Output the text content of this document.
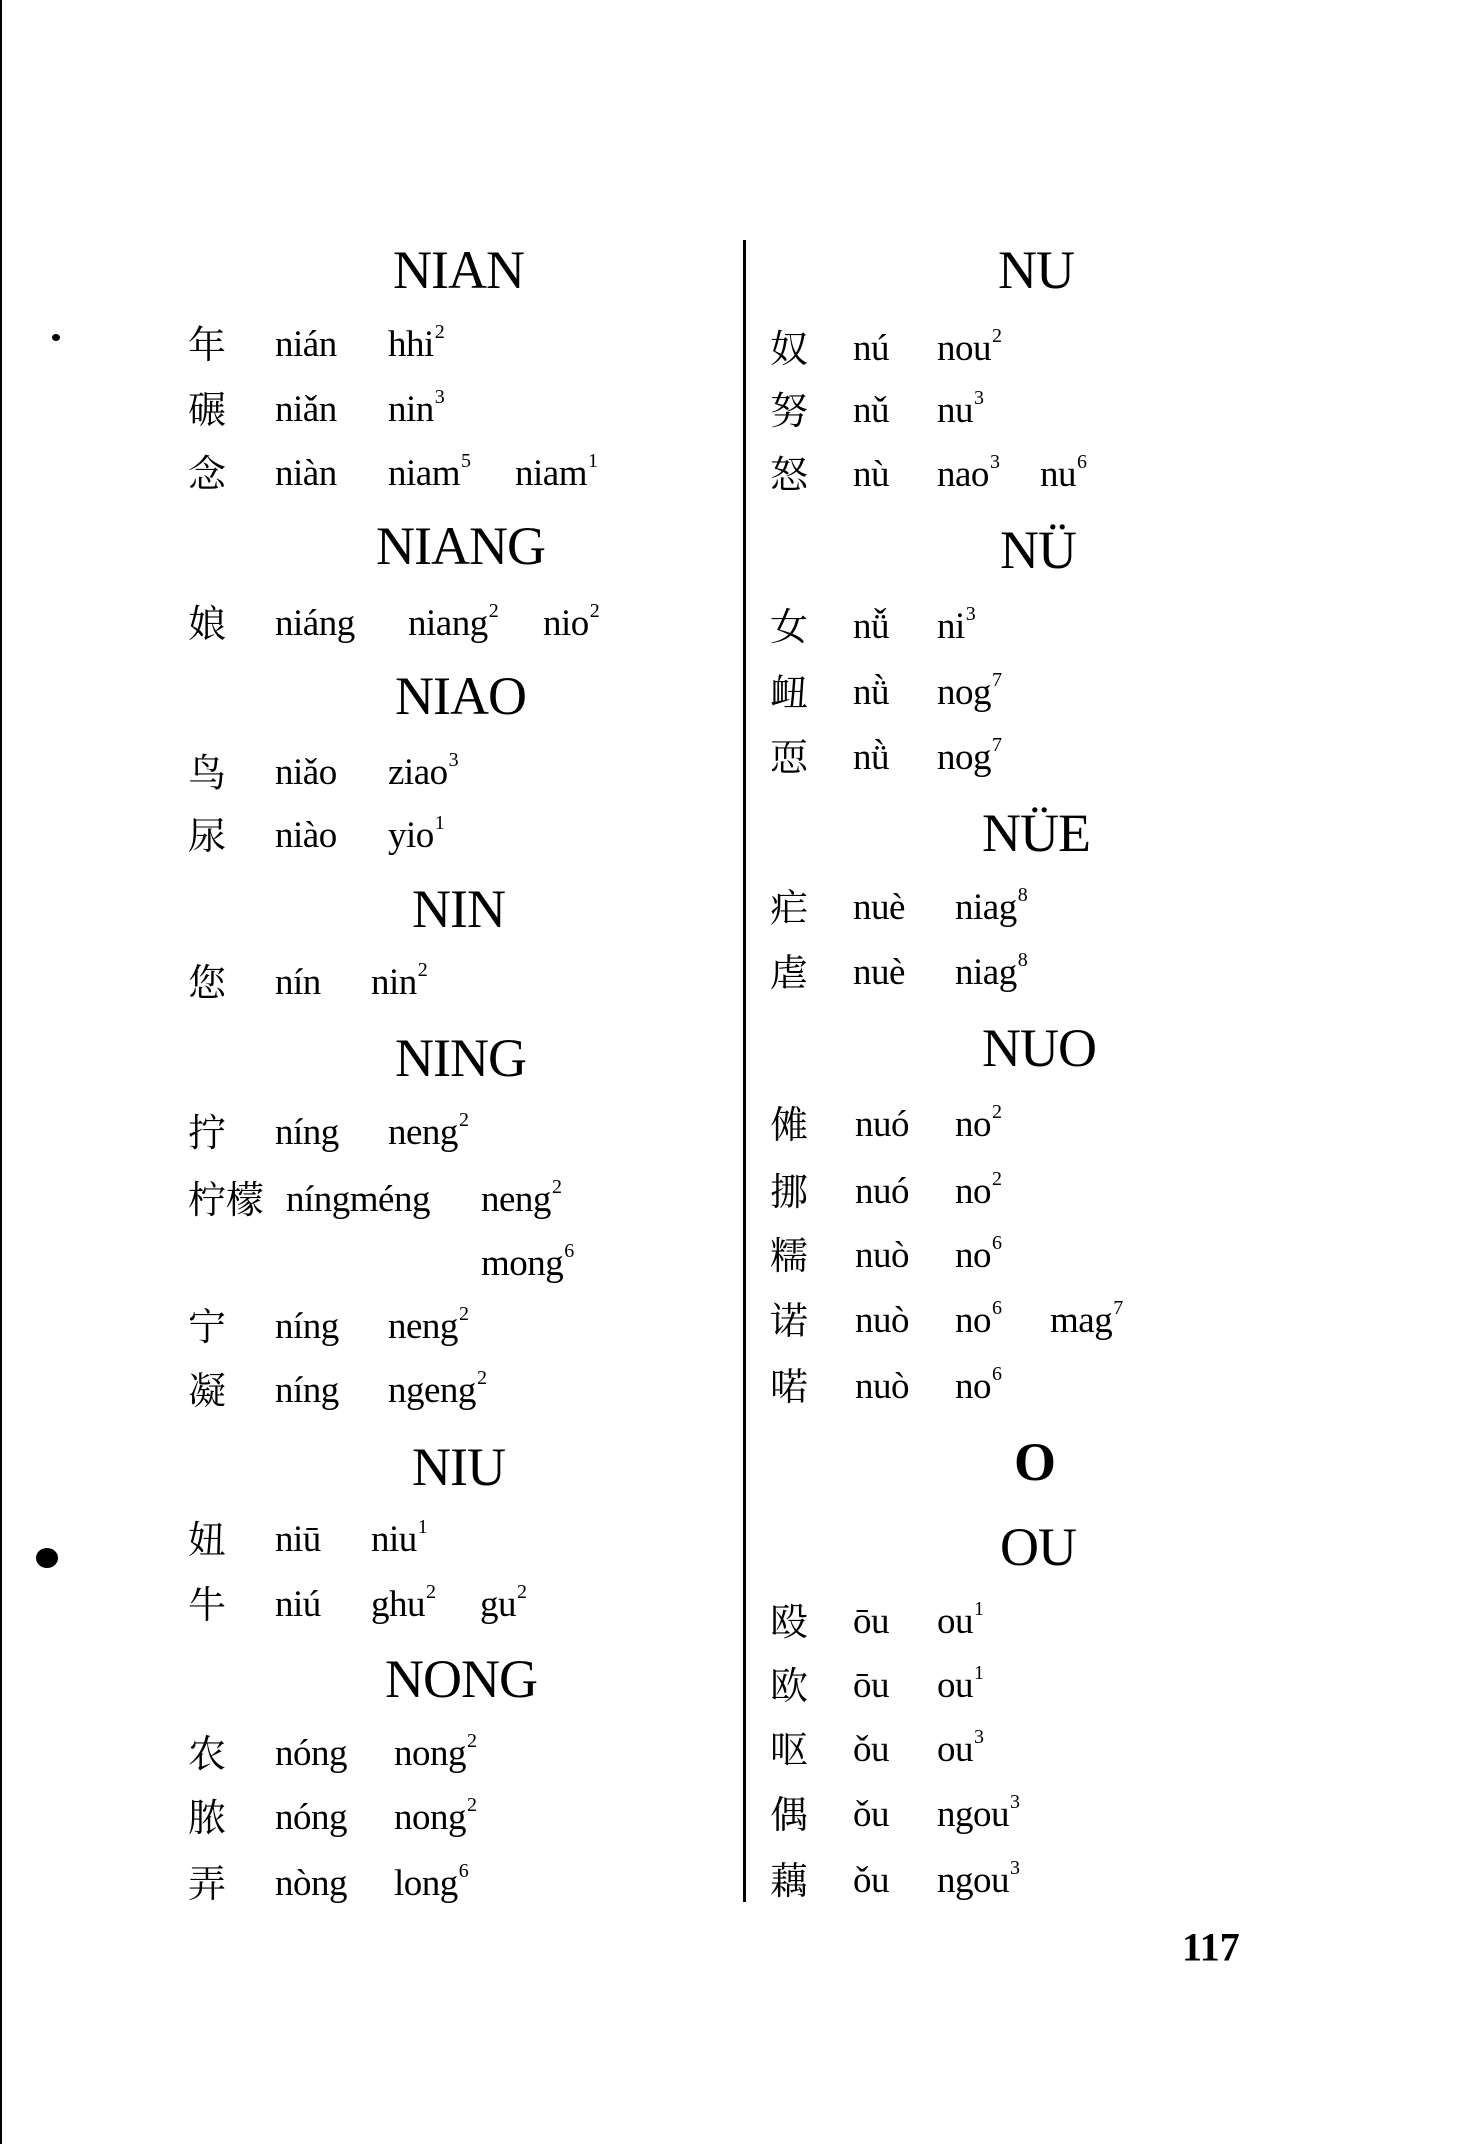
NIAN
年 nián hhi$^2$
碾 niǎn nin$^3$
念 niàn niam$^5$ niam$^1$
NIANG
娘 niáng niang$^2$ nio$^2$
NIAO
鸟 niǎo ziao$^3$
尿 niào yio$^1$
NIN
您 nín nin$^2$
NING
拧 níng neng$^2$
柠檬 níngméng neng$^2$
mong$^6$
宁 níng neng$^2$
凝 níng ngeng$^2$
NIU
妞 niū niu$^1$
牛 niú ghu$^2$ $gu^2$
NONG
农 nóng nong$^2$
脓 nóng nong$^2$
弄 nòng long$^6$
NU
奴 nú nou$^2$
努 nǔ $nu^3$
怒 nù nao$^3$ $nu^6$
NÜ
女 nǚ $ni^3$
衄 nǜ nog$^7$
恧 nǜ nog$^7$
NÜE
疟 nuè niag$^8$
虐 nuè niag$^8$
NUO
傩 nuó $no^2$
挪 nuó $no^2$
糯 nuò $no^6$
诺 nuò $no^6$ mag$^7$
喏 nuò $no^6$
O
OU
殴 ōu $ou^1$
欧 ōu $ou^1$
呕 ǒu $ou^3$
偶 ǒu ngou$^3$
藕 ǒu ngou$^3$
117
